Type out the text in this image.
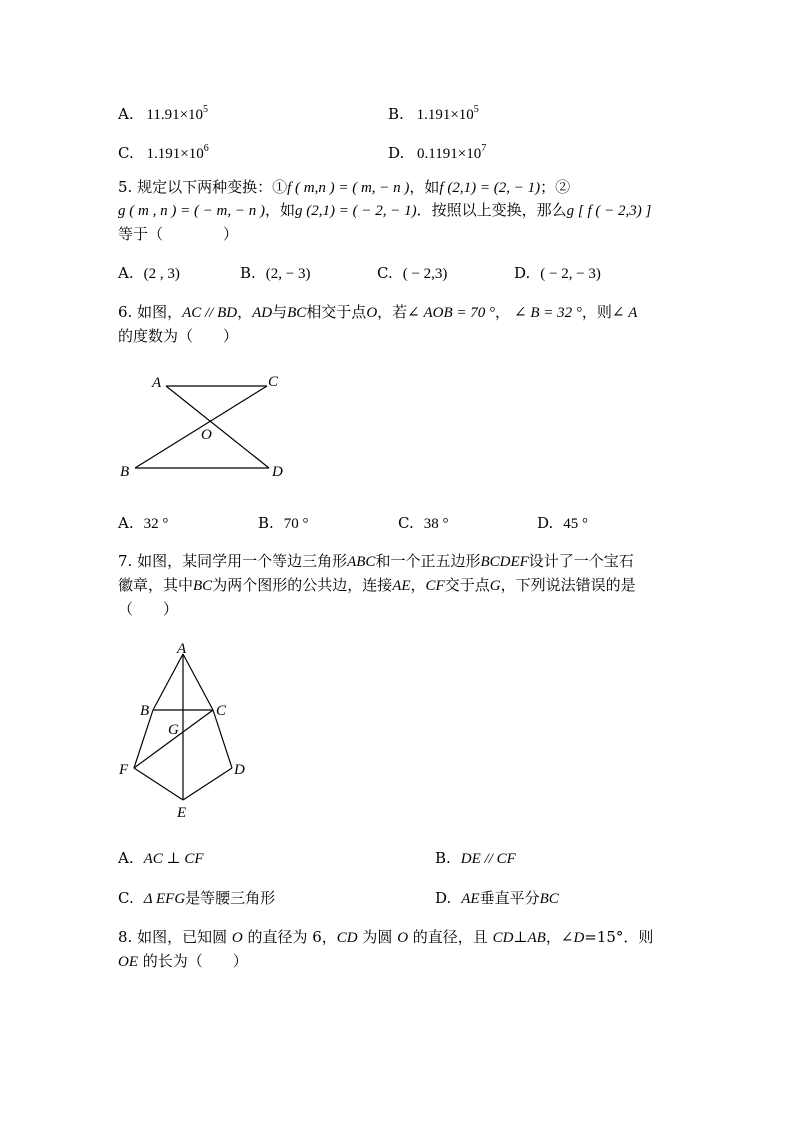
A. $11.91\times 10^5$	B. $1.191\times 10^5$
C. $1.191\times 10^6$	D. $0.1191\times 10^7$
5. 规定以下两种变换：①f ( m,n ) = ( m, − n )，如f (2,1) = (2, − 1)；②
g ( m , n ) = ( − m, − n )，如g (2,1) = ( − 2, − 1)．按照以上变换，那么g [ f ( − 2,3) ]
等于（　　　　）
A. (2 , 3)	B. (2, − 3)	C. ( − 2,3)	D. ( − 2, − 3)
6. 如图，AC // BD，AD与BC相交于点O，若∠ AOB = 70 °， ∠ B = 32 °，则∠ A
的度数为（　　）
A	C
O
B	D
A. 32 °	B. 70 °	C. 38 °	D. 45 °
7. 如图，某同学用一个等边三角形ABC和一个正五边形BCDEF设计了一个宝石
徽章，其中BC为两个图形的公共边，连接AE，CF交于点G，下列说法错误的是
（　　）
A
B	C
G
F	D
E
A. AC ⊥ CF	B. DE // CF
C. Δ EFG是等腰三角形	D. AE垂直平分BC
8. 如图，已知圆 O 的直径为 6，CD 为圆 O 的直径，且 CD⊥AB，∠D=15°．则
OE 的长为（　　）
